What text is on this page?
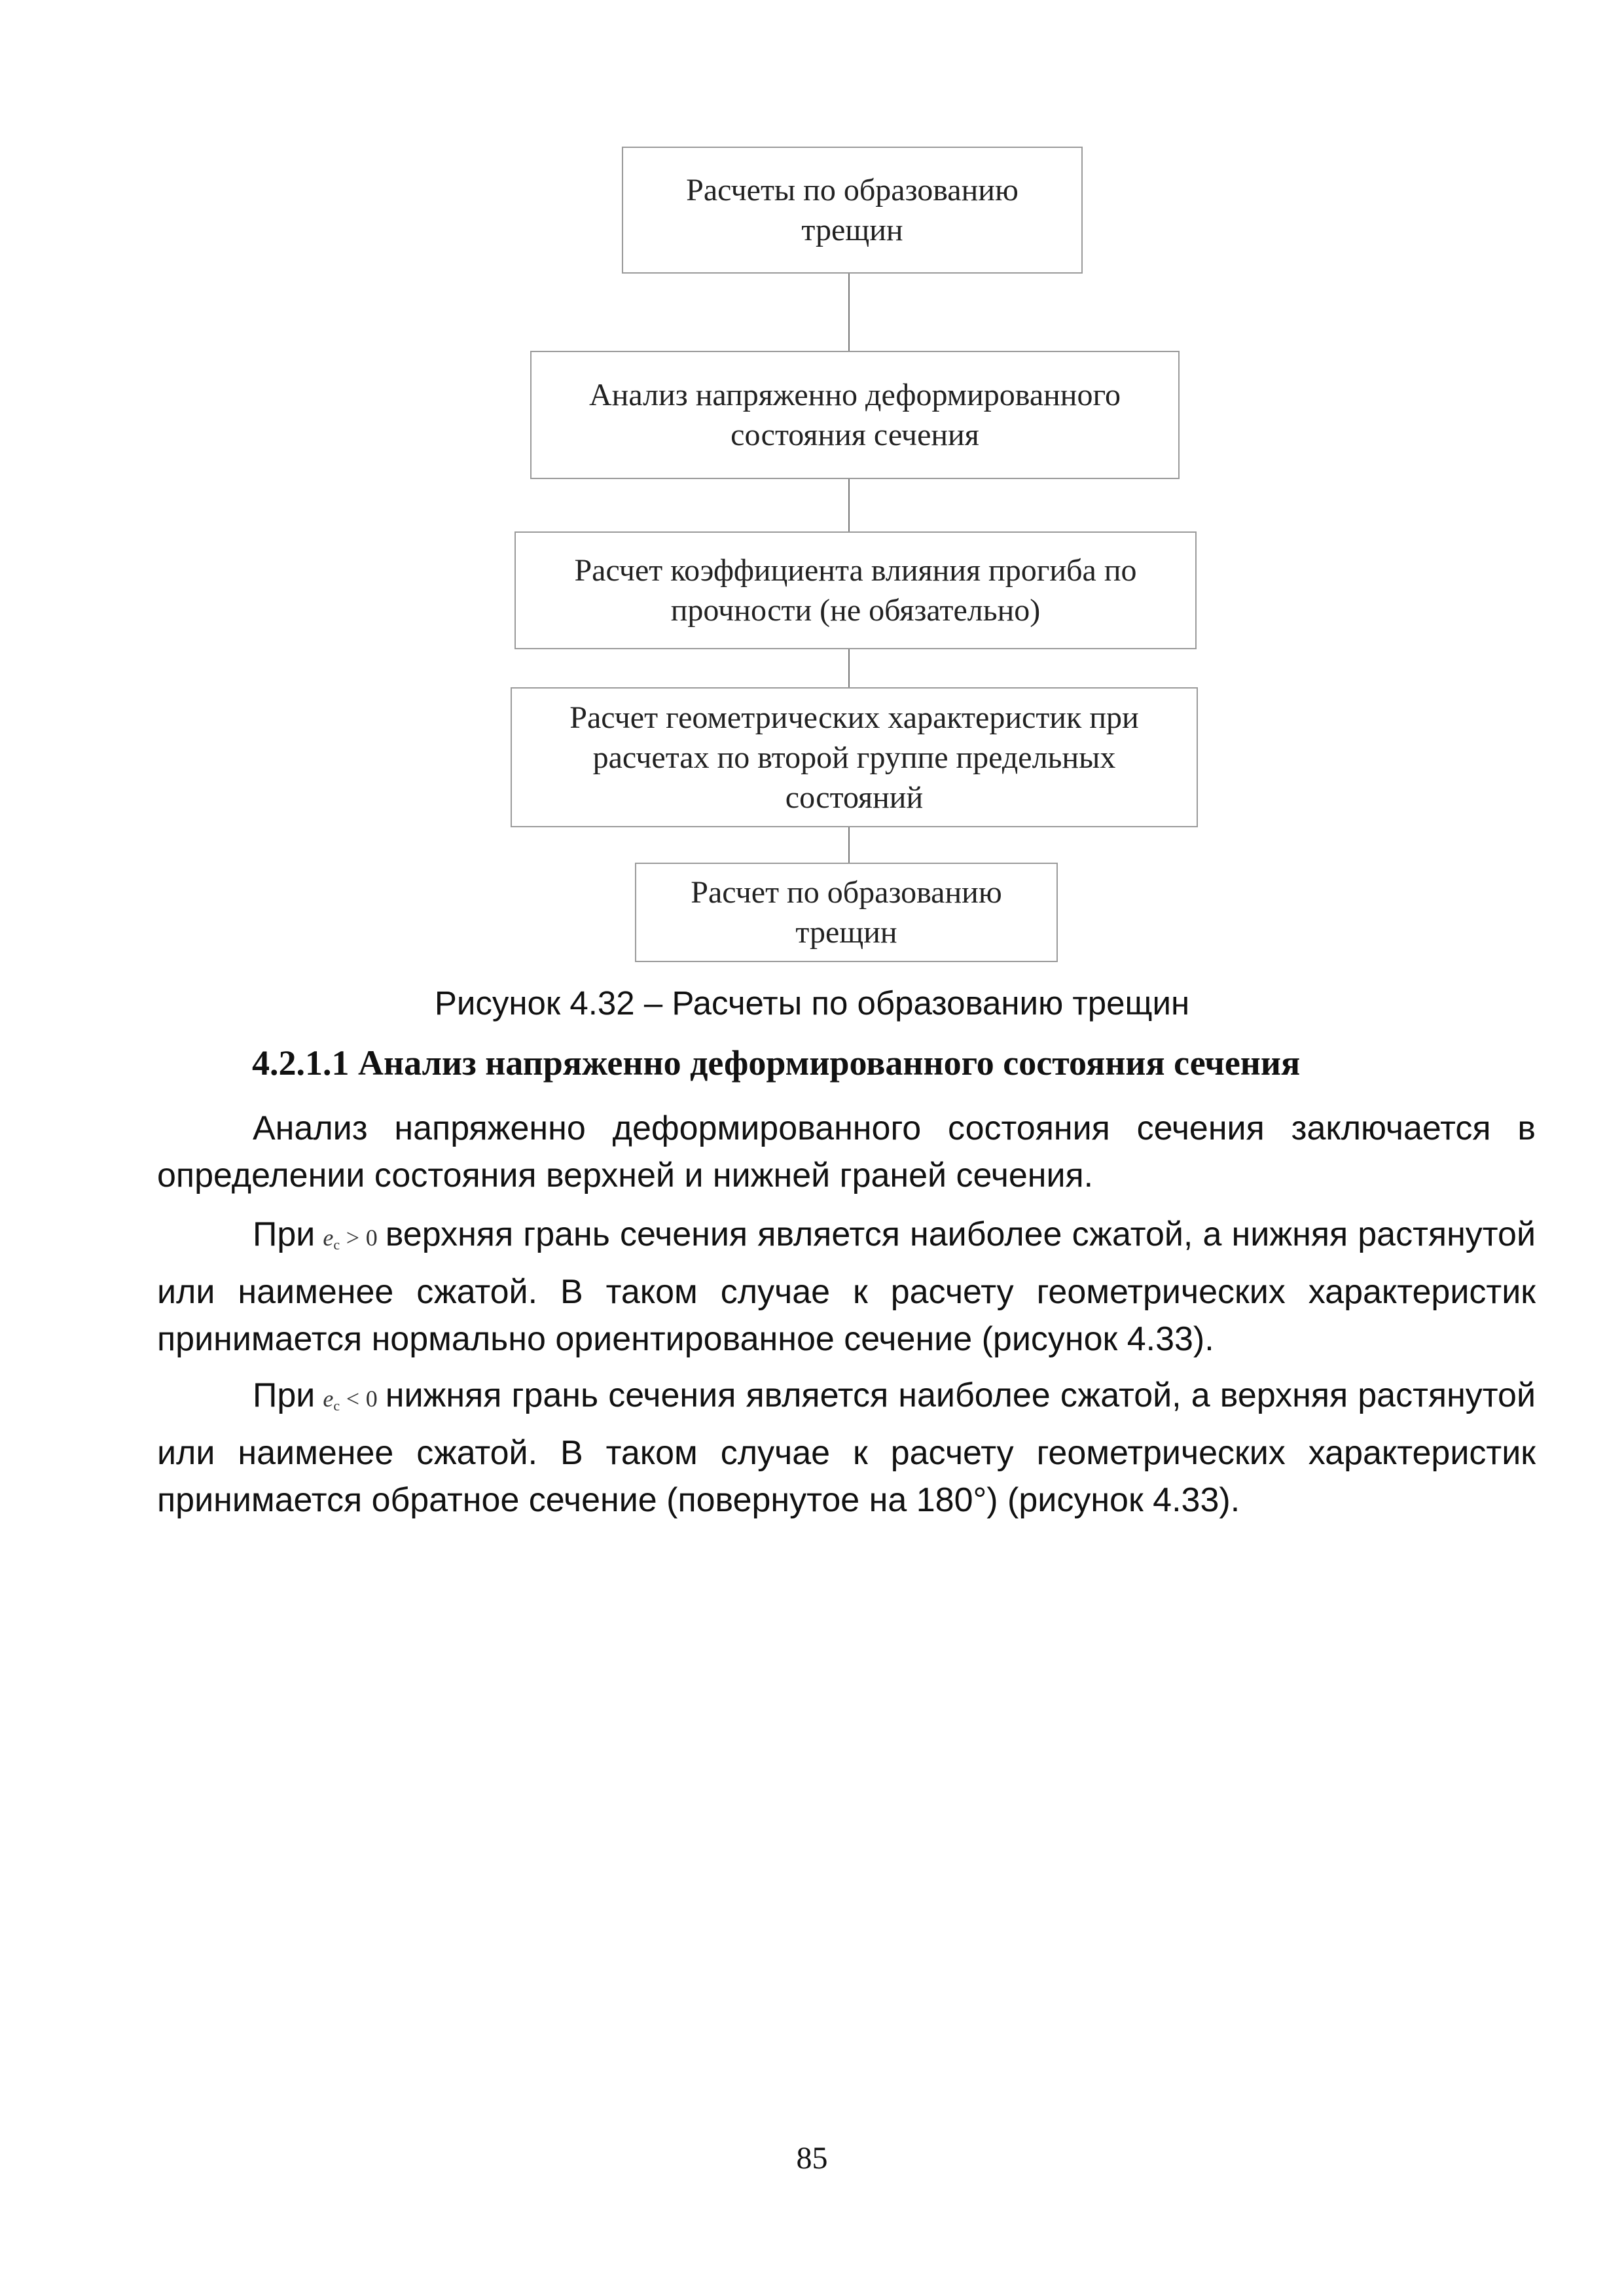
Расчеты по образованию
трещин
Анализ напряженно деформированного
состояния сечения
Расчет коэффициента влияния прогиба по
прочности (не обязательно)
Расчет геометрических характеристик при
расчетах по второй группе предельных
состояний
Расчет по образованию
трещин
Рисунок 4.32 – Расчеты по образованию трещин
4.2.1.1 Анализ напряженно деформированного состояния сечения

Анализ напряженно деформированного состояния сечения заключается в определении состояния верхней и нижней граней сечения.

При $e_c > 0$ верхняя грань сечения является наиболее сжатой, а нижняя растянутой или наименее сжатой. В таком случае к расчету геометрических характеристик принимается нормально ориентированное сечение (рисунок 4.33).

При $e_c < 0$ нижняя грань сечения является наиболее сжатой, а верхняя растянутой или наименее сжатой. В таком случае к расчету геометрических характеристик принимается обратное сечение (повернутое на 180°) (рисунок 4.33).

85
